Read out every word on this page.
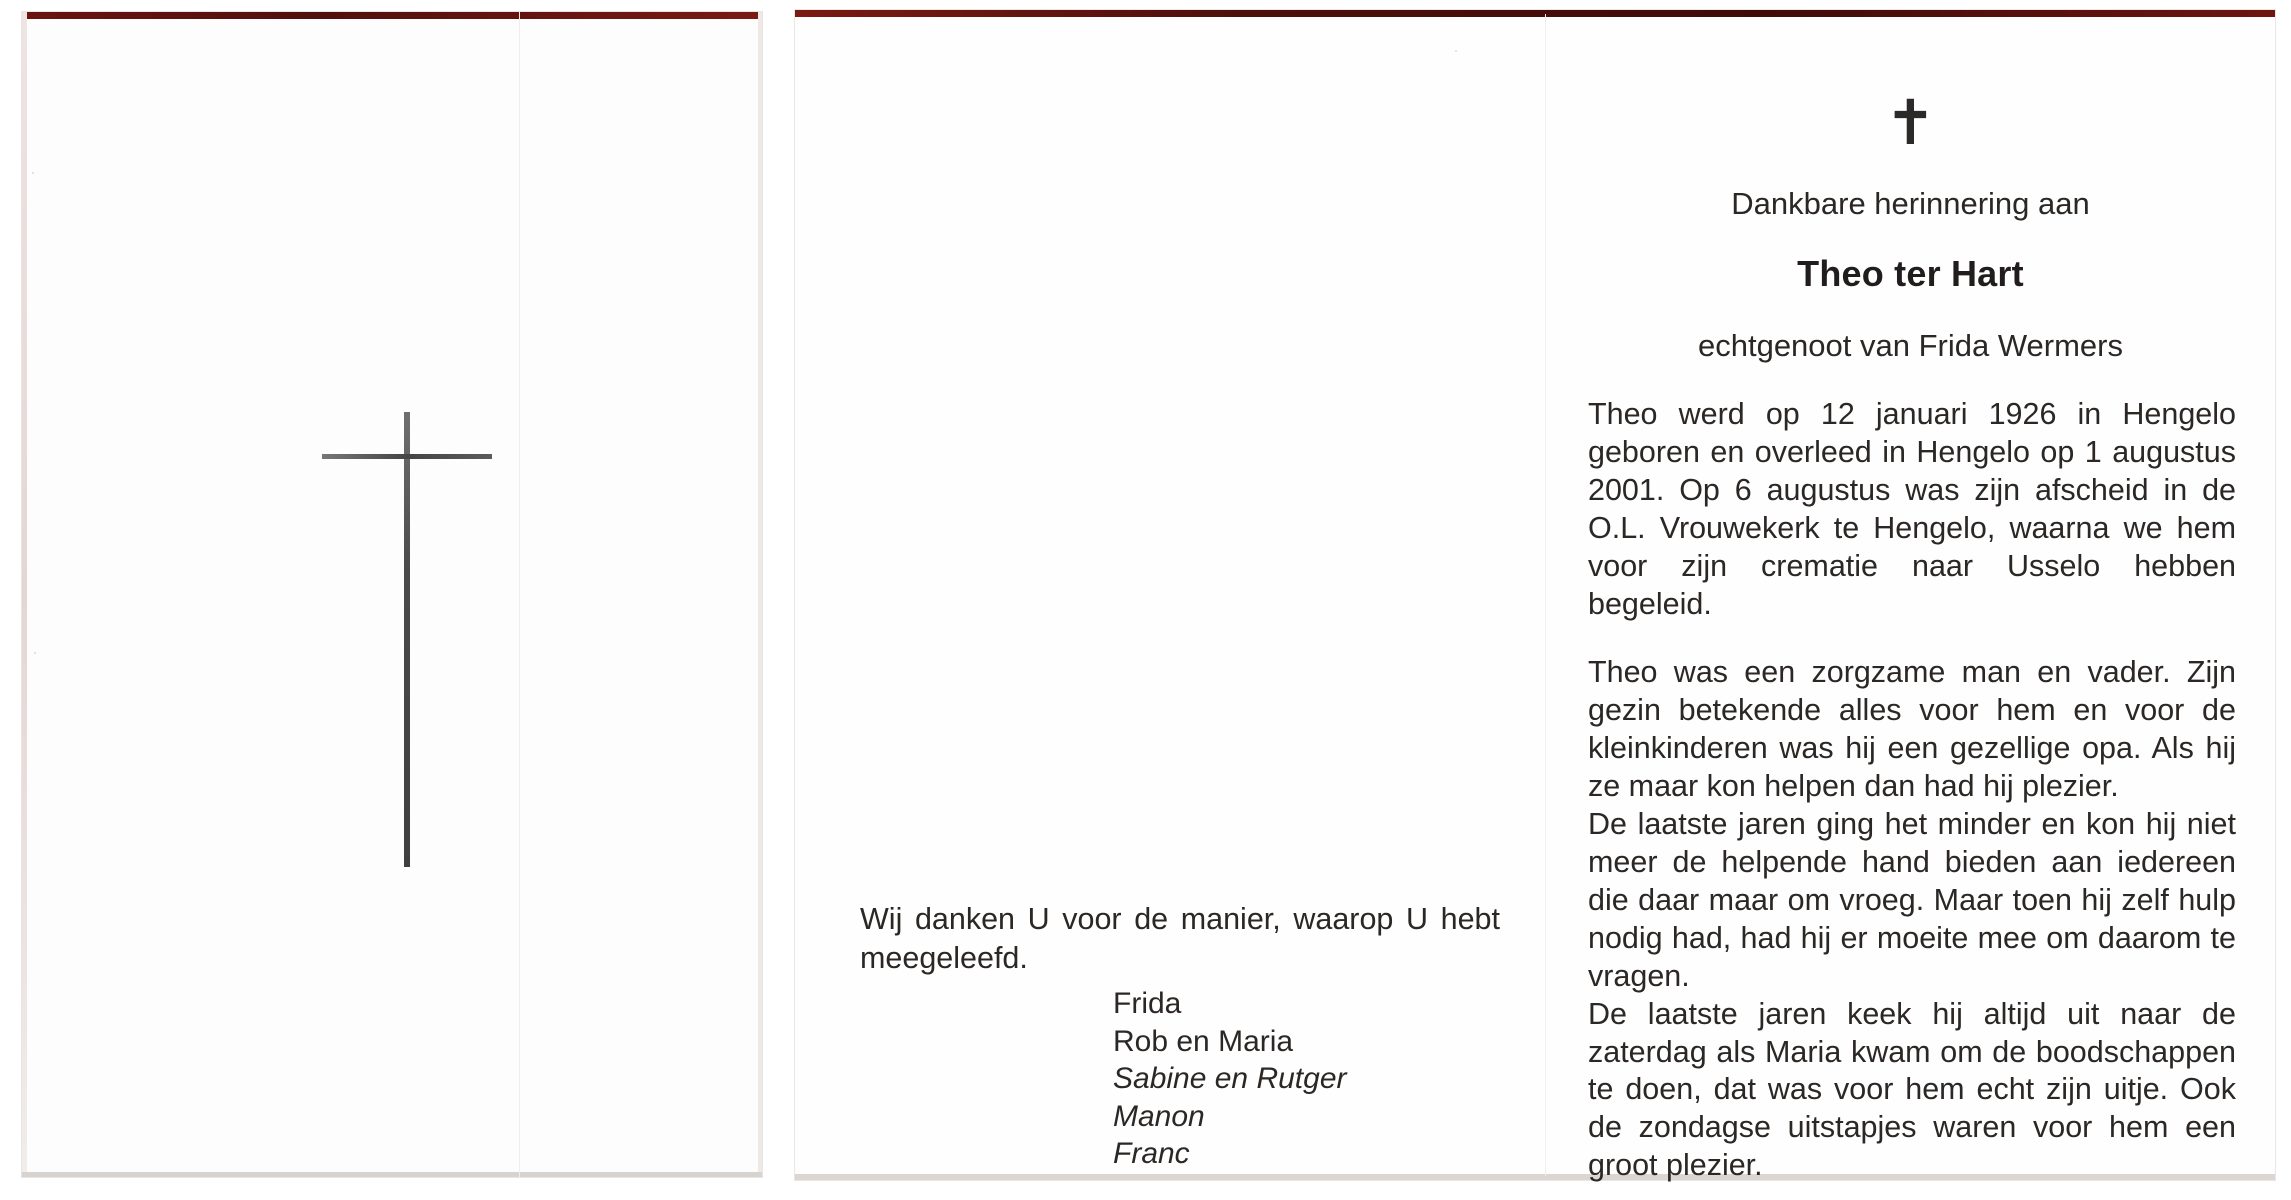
Wij danken U voor de manier, waarop U hebt meegeleefd.
Frida
Rob en Maria
Sabine en Rutger
Manon
Franc
✝
Dankbare herinnering aan
Theo ter Hart
echtgenoot van Frida Wermers

Theo werd op 12 januari 1926 in Hengelo geboren en overleed in Hengelo op 1 augustus 2001. Op 6 augustus was zijn afscheid in de O.L. Vrouwekerk te Hengelo, waarna we hem voor zijn crematie naar Usselo hebben begeleid.

Theo was een zorgzame man en vader. Zijn gezin betekende alles voor hem en voor de kleinkinderen was hij een gezellige opa. Als hij ze maar kon helpen dan had hij plezier.

De laatste jaren ging het minder en kon hij niet meer de helpende hand bieden aan iedereen die daar maar om vroeg. Maar toen hij zelf hulp nodig had, had hij er moeite mee om daarom te vragen.

De laatste jaren keek hij altijd uit naar de zaterdag als Maria kwam om de boodschappen te doen, dat was voor hem echt zijn uitje. Ook de zondagse uitstapjes waren voor hem een groot plezier.
